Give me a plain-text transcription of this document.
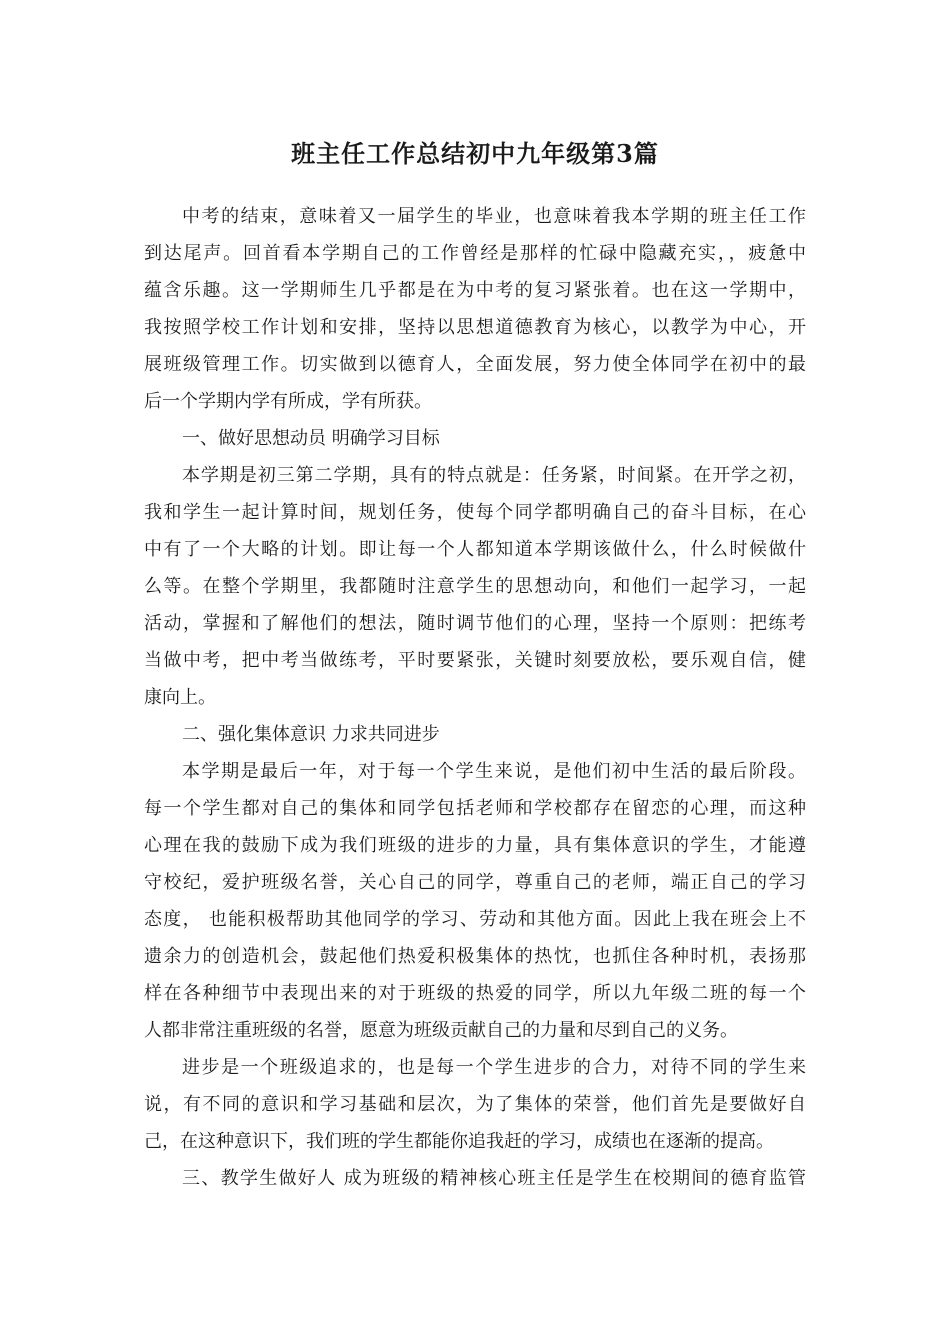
班主任工作总结初中九年级第3篇
中考的结束，意味着又一届学生的毕业，也意味着我本学期的班主任工作
到达尾声。回首看本学期自己的工作曾经是那样的忙碌中隐藏充实，，疲惫中
蕴含乐趣。这一学期师生几乎都是在为中考的复习紧张着。也在这一学期中，
我按照学校工作计划和安排，坚持以思想道德教育为核心，以教学为中心，开
展班级管理工作。切实做到以德育人，全面发展，努力使全体同学在初中的最
后一个学期内学有所成，学有所获。
一、做好思想动员 明确学习目标
本学期是初三第二学期，具有的特点就是：任务紧，时间紧。在开学之初，
我和学生一起计算时间，规划任务，使每个同学都明确自己的奋斗目标，在心
中有了一个大略的计划。即让每一个人都知道本学期该做什么，什么时候做什
么等。在整个学期里，我都随时注意学生的思想动向，和他们一起学习，一起
活动，掌握和了解他们的想法，随时调节他们的心理，坚持一个原则：把练考
当做中考，把中考当做练考，平时要紧张，关键时刻要放松，要乐观自信，健
康向上。
二、强化集体意识 力求共同进步
本学期是最后一年，对于每一个学生来说，是他们初中生活的最后阶段。
每一个学生都对自己的集体和同学包括老师和学校都存在留恋的心理，而这种
心理在我的鼓励下成为我们班级的进步的力量，具有集体意识的学生，才能遵
守校纪，爱护班级名誉，关心自己的同学，尊重自己的老师，端正自己的学习
态度， 也能积极帮助其他同学的学习、劳动和其他方面。因此上我在班会上不
遗余力的创造机会，鼓起他们热爱积极集体的热忱，也抓住各种时机，表扬那
样在各种细节中表现出来的对于班级的热爱的同学，所以九年级二班的每一个
人都非常注重班级的名誉，愿意为班级贡献自己的力量和尽到自己的义务。
进步是一个班级追求的，也是每一个学生进步的合力，对待不同的学生来
说，有不同的意识和学习基础和层次，为了集体的荣誉，他们首先是要做好自
己，在这种意识下，我们班的学生都能你追我赶的学习，成绩也在逐渐的提高。
三、教学生做好人 成为班级的精神核心班主任是学生在校期间的德育监管
